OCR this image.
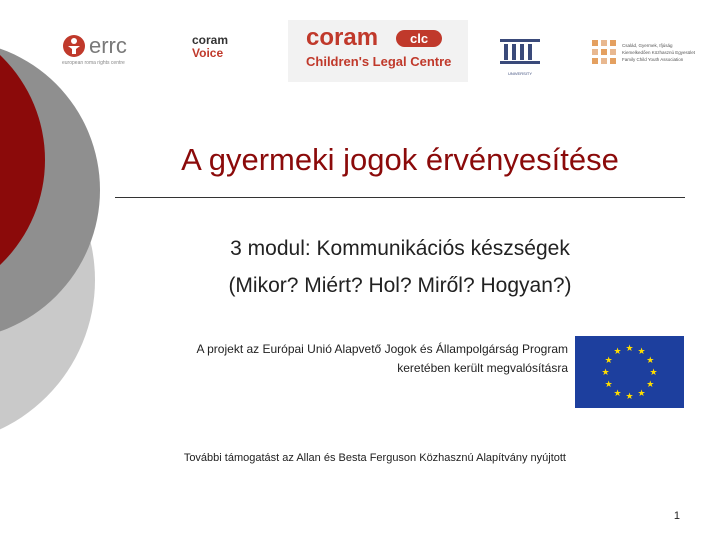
errc
european roma rights centre
coram
Voice
coram	clc
Children's Legal Centre
UNIVERSITY
Család, Gyermek, Ifjúság
Kiemelkedően Közhasznú Egyesület
Family Child Youth Association
A gyermeki jogok érvényesítése
3 modul: Kommunikációs készségek
(Mikor? Miért? Hol? Miről? Hogyan?)
A projekt az Európai Unió Alapvető Jogok és Állampolgárság Program
keretében került megvalósításra
★ ★
★
★
★
★
★
★
★
★
★
★
További támogatást az Allan és Besta Ferguson Közhasznú Alapítvány nyújtott
1
